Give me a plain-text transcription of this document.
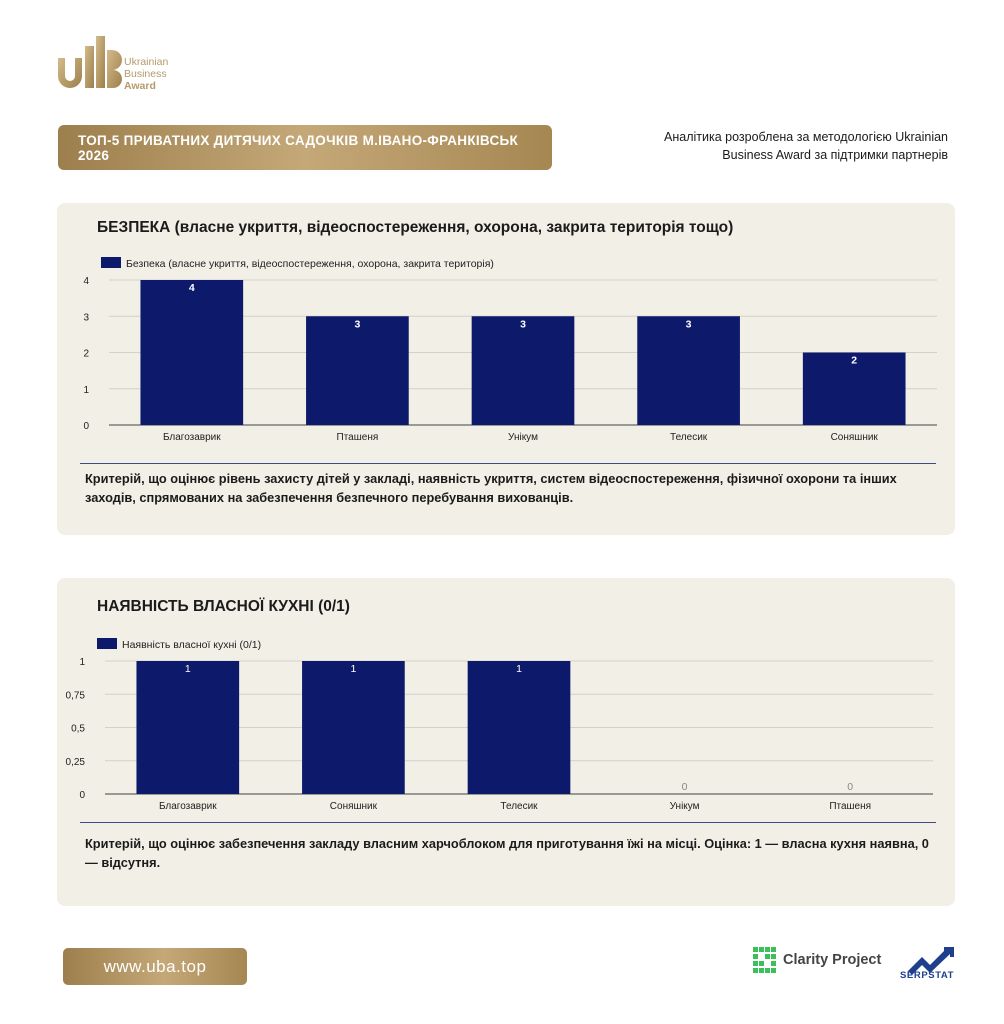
Ukrainian
Business
Award
ТОП-5 ПРИВАТНИХ ДИТЯЧИХ САДОЧКІВ М.ІВАНО-ФРАНКІВСЬК 2026
Аналітика розроблена за методологією Ukrainian Business Award за підтримки партнерів
БЕЗПЕКА (власне укриття, відеоспостереження, охорона, закрита територія тощо)
Безпека (власне укриття, відеоспостереження, охорона, закрита територія)
0
1
2
3
4
4
Благозаврик
3
Пташеня
3
Унікум
3
Телесик
2
Соняшник
Критерій, що оцінює рівень захисту дітей у закладі, наявність укриття, систем відеоспостереження, фізичної охорони та інших заходів, спрямованих на забезпечення безпечного перебування вихованців.
НАЯВНІСТЬ ВЛАСНОЇ КУХНІ (0/1)
Наявність власної кухні (0/1)
0
0,25
0,5
0,75
1
1
Благозаврик
1
Соняшник
1
Телесик
0
Унікум
0
Пташеня
Критерій, що оцінює забезпечення закладу власним харчоблоком для приготування їжі на місці. Оцінка: 1 — власна кухня наявна, 0 — відсутня.
www.uba.top	Clarity Project
SERPSTAT
